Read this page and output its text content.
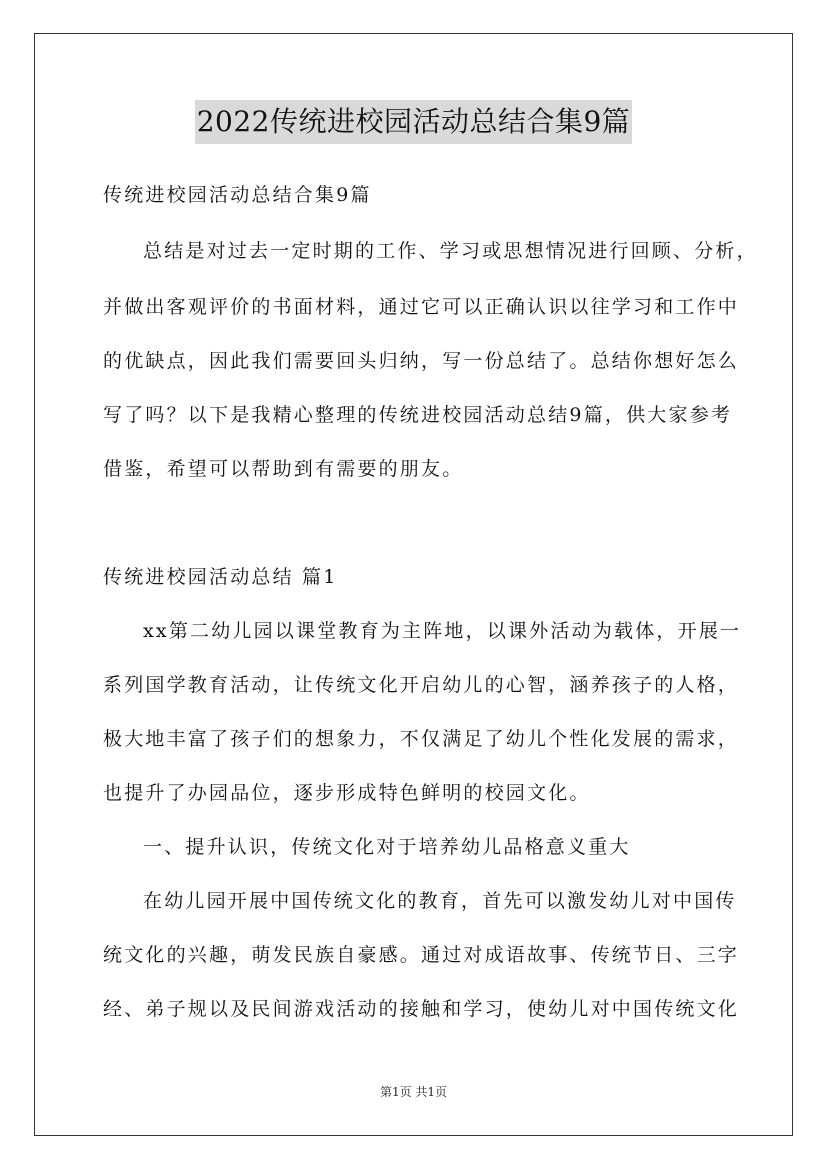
2022传统进校园活动总结合集9篇
传统进校园活动总结合集9篇
总结是对过去一定时期的工作、学习或思想情况进行回顾、分析，
并做出客观评价的书面材料，通过它可以正确认识以往学习和工作中
的优缺点，因此我们需要回头归纳，写一份总结了。总结你想好怎么
写了吗？以下是我精心整理的传统进校园活动总结9篇，供大家参考
借鉴，希望可以帮助到有需要的朋友。
传统进校园活动总结 篇1
xx第二幼儿园以课堂教育为主阵地，以课外活动为载体，开展一
系列国学教育活动，让传统文化开启幼儿的心智，涵养孩子的人格，
极大地丰富了孩子们的想象力，不仅满足了幼儿个性化发展的需求，
也提升了办园品位，逐步形成特色鲜明的校园文化。
一、提升认识，传统文化对于培养幼儿品格意义重大
在幼儿园开展中国传统文化的教育，首先可以激发幼儿对中国传
统文化的兴趣，萌发民族自豪感。通过对成语故事、传统节日、三字
经、弟子规以及民间游戏活动的接触和学习，使幼儿对中国传统文化
第1页 共1页
